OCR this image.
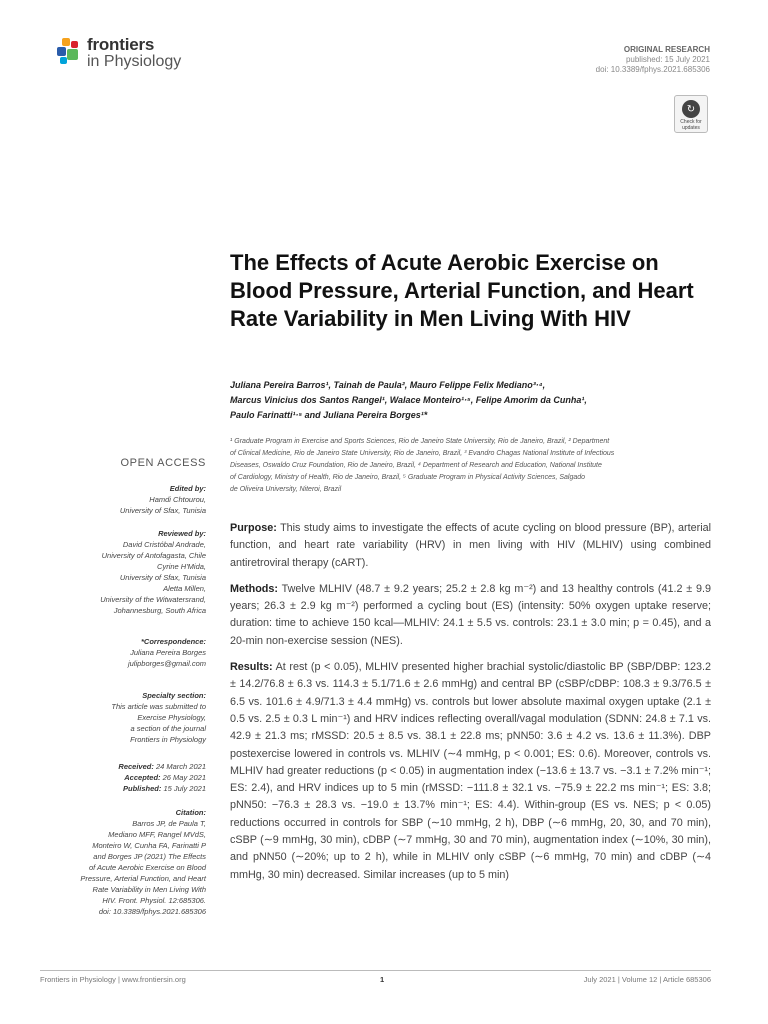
frontiers
in Physiology
ORIGINAL RESEARCH
published: 15 July 2021
doi: 10.3389/fphys.2021.685306
↻
Check for
updates
The Effects of Acute Aerobic Exercise on Blood Pressure, Arterial Function, and Heart Rate Variability in Men Living With HIV
Juliana Pereira Barros¹, Tainah de Paula², Mauro Felippe Felix Mediano³·⁴,
Marcus Vinicius dos Santos Rangel¹, Walace Monteiro¹·⁵, Felipe Amorim da Cunha¹,
Paulo Farinatti¹·⁵ and Juliana Pereira Borges¹*
¹ Graduate Program in Exercise and Sports Sciences, Rio de Janeiro State University, Rio de Janeiro, Brazil, ² Department
of Clinical Medicine, Rio de Janeiro State University, Rio de Janeiro, Brazil, ³ Evandro Chagas National Institute of Infectious
Diseases, Oswaldo Cruz Foundation, Rio de Janeiro, Brazil, ⁴ Department of Research and Education, National Institute
of Cardiology, Ministry of Health, Rio de Janeiro, Brazil, ⁵ Graduate Program in Physical Activity Sciences, Salgado
de Oliveira University, Niteroi, Brazil
OPEN ACCESS
Edited by:
Hamdi Chtourou,
University of Sfax, Tunisia
Reviewed by:
David Cristóbal Andrade,
University of Antofagasta, Chile
Cyrine H'Mida,
University of Sfax, Tunisia
Aletta Millen,
University of the Witwatersrand,
Johannesburg, South Africa
*Correspondence:
Juliana Pereira Borges
julipborges@gmail.com
Specialty section:
This article was submitted to
Exercise Physiology,
a section of the journal
Frontiers in Physiology
Received: 24 March 2021
Accepted: 26 May 2021
Published: 15 July 2021
Citation:
Barros JP, de Paula T,
Mediano MFF, Rangel MVdS,
Monteiro W, Cunha FA, Farinatti P
and Borges JP (2021) The Effects
of Acute Aerobic Exercise on Blood
Pressure, Arterial Function, and Heart
Rate Variability in Men Living With
HIV. Front. Physiol. 12:685306.
doi: 10.3389/fphys.2021.685306

Purpose: This study aims to investigate the effects of acute cycling on blood pressure (BP), arterial function, and heart rate variability (HRV) in men living with HIV (MLHIV) using combined antiretroviral therapy (cART).

Methods: Twelve MLHIV (48.7 ± 9.2 years; 25.2 ± 2.8 kg m⁻²) and 13 healthy controls (41.2 ± 9.9 years; 26.3 ± 2.9 kg m⁻²) performed a cycling bout (ES) (intensity: 50% oxygen uptake reserve; duration: time to achieve 150 kcal—MLHIV: 24.1 ± 5.5 vs. controls: 23.1 ± 3.0 min; p = 0.45), and a 20-min non-exercise session (NES).

Results: At rest (p < 0.05), MLHIV presented higher brachial systolic/diastolic BP (SBP/DBP: 123.2 ± 14.2/76.8 ± 6.3 vs. 114.3 ± 5.1/71.6 ± 2.6 mmHg) and central BP (cSBP/cDBP: 108.3 ± 9.3/76.5 ± 6.5 vs. 101.6 ± 4.9/71.3 ± 4.4 mmHg) vs. controls but lower absolute maximal oxygen uptake (2.1 ± 0.5 vs. 2.5 ± 0.3 L min⁻¹) and HRV indices reflecting overall/vagal modulation (SDNN: 24.8 ± 7.1 vs. 42.9 ± 21.3 ms; rMSSD: 20.5 ± 8.5 vs. 38.1 ± 22.8 ms; pNN50: 3.6 ± 4.2 vs. 13.6 ± 11.3%). DBP postexercise lowered in controls vs. MLHIV (∼4 mmHg, p < 0.001; ES: 0.6). Moreover, controls vs. MLHIV had greater reductions (p < 0.05) in augmentation index (−13.6 ± 13.7 vs. −3.1 ± 7.2% min⁻¹; ES: 2.4), and HRV indices up to 5 min (rMSSD: −111.8 ± 32.1 vs. −75.9 ± 22.2 ms min⁻¹; ES: 3.8; pNN50: −76.3 ± 28.3 vs. −19.0 ± 13.7% min⁻¹; ES: 4.4). Within-group (ES vs. NES; p < 0.05) reductions occurred in controls for SBP (∼10 mmHg, 2 h), DBP (∼6 mmHg, 20, 30, and 70 min), cSBP (∼9 mmHg, 30 min), cDBP (∼7 mmHg, 30 and 70 min), augmentation index (∼10%, 30 min), and pNN50 (∼20%; up to 2 h), while in MLHIV only cSBP (∼6 mmHg, 70 min) and cDBP (∼4 mmHg, 30 min) decreased. Similar increases (up to 5 min)

Frontiers in Physiology | www.frontiersin.org	1	July 2021 | Volume 12 | Article 685306
